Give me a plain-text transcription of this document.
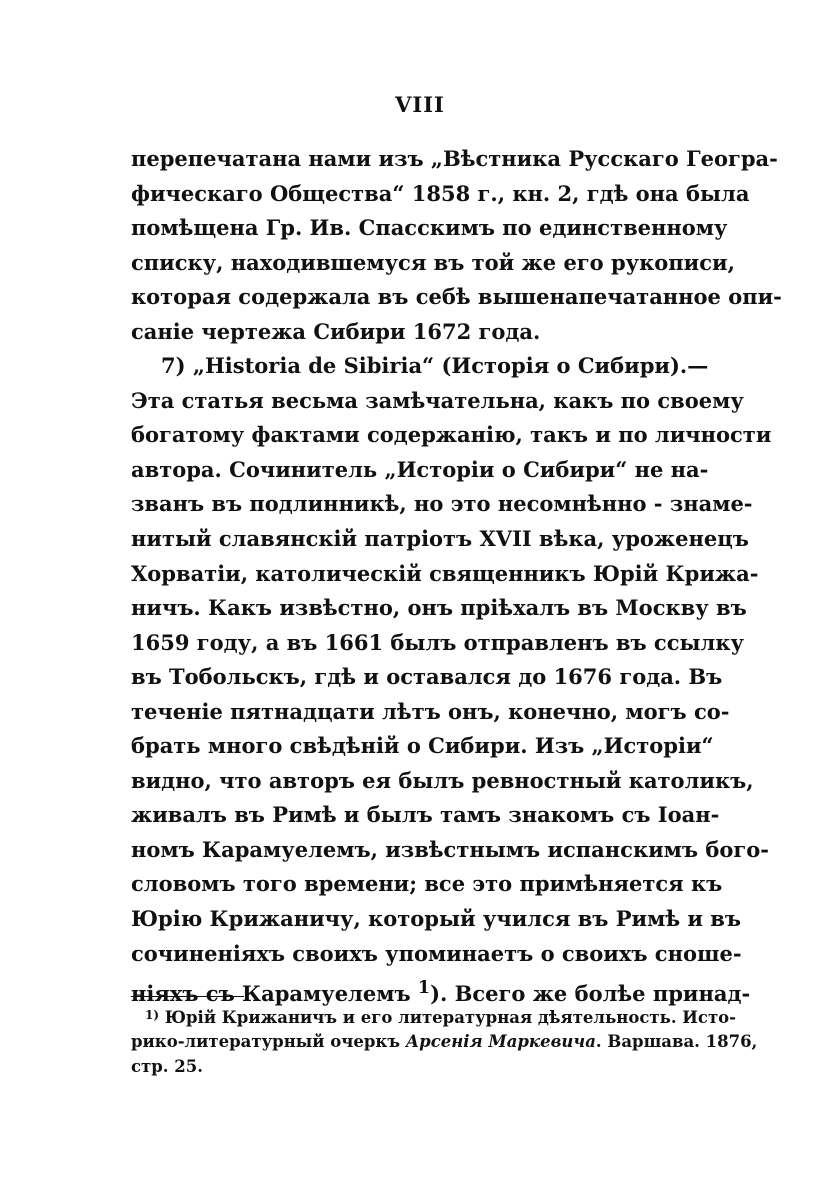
VIII
перепечатана нами изъ „Вѣстника Русскаго Геогра-
фическаго Общества“ 1858 г., кн. 2, гдѣ она была
помѣщена Гр. Ив. Спасскимъ по единственному
списку, находившемуся въ той же его рукописи,
которая содержала въ себѣ вышенапечатанное опи-
саніе чертежа Сибири 1672 года.
7) „Historia de Sibiria“ (Исторія о Сибири).—
Эта статья весьма замѣчательна, какъ по своему
богатому фактами содержанію, такъ и по личности
автора. Сочинитель „Исторіи о Сибири“ не на-
званъ въ подлинникѣ, но это несомнѣнно - знаме-
нитый славянскій патріотъ XVII вѣка, уроженецъ
Хорватіи, католическій священникъ Юрій Крижа-
ничъ. Какъ извѣстно, онъ пріѣхалъ въ Москву въ
1659 году, а въ 1661 былъ отправленъ въ ссылку
въ Тобольскъ, гдѣ и оставался до 1676 года. Въ
теченіе пятнадцати лѣтъ онъ, конечно, могъ со-
брать много свѣдѣній о Сибири. Изъ „Исторіи“
видно, что авторъ ея былъ ревностный католикъ,
живалъ въ Римѣ и былъ тамъ знакомъ съ Іоан-
номъ Карамуелемъ, извѣстнымъ испанскимъ бого-
словомъ того времени; все это примѣняется къ
Юрію Крижаничу, который учился въ Римѣ и въ
сочиненіяхъ своихъ упоминаетъ о своихъ сноше-
ніяхъ съ Карамуелемъ $^1$). Всего же болѣе принад-
$^{1)}$ Юрій Крижаничъ и его литературная дѣятельность. Исто-
рико-литературный очеркъ Арсенія Маркевича. Варшава. 1876,
стр. 25.
